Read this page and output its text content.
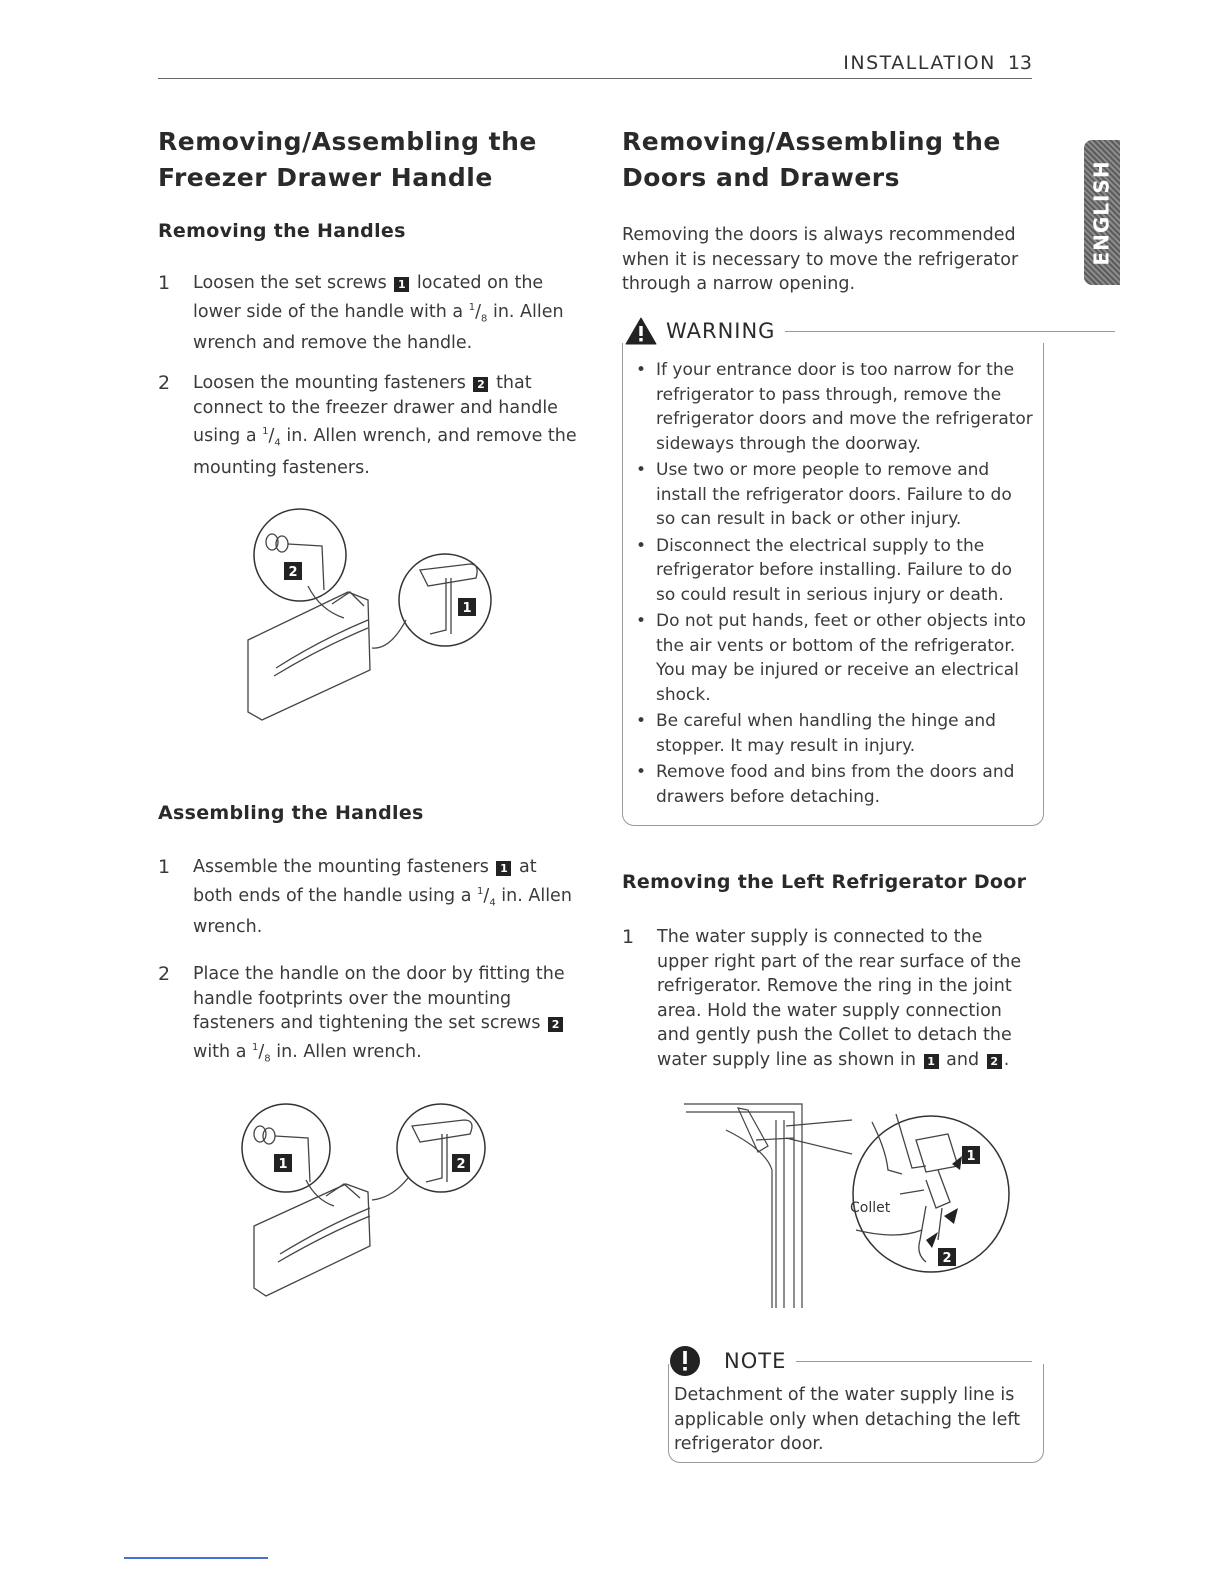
INSTALLATION 13
ENGLISH
Removing/Assembling the
Freezer Drawer Handle
Removing the Handles
1 Loosen the set screws 1 located on the lower side of the handle with a $^1/_8$ in. Allen wrench and remove the handle.
2 Loosen the mounting fasteners 2 that connect to the freezer drawer and handle using a $^1/_4$ in. Allen wrench, and remove the mounting fasteners.
2
1
Assembling the Handles
1 Assemble the mounting fasteners 1 at both ends of the handle using a $^1/_4$ in. Allen wrench.
2 Place the handle on the door by fitting the handle footprints over the mounting fasteners and tightening the set screws 2 with a $^1/_8$ in. Allen wrench.
1	2
Removing/Assembling the
Doors and Drawers
Removing the doors is always recommended when it is necessary to move the refrigerator through a narrow opening.
WARNING
• If your entrance door is too narrow for the refrigerator to pass through, remove the refrigerator doors and move the refrigerator sideways through the doorway.
• Use two or more people to remove and install the refrigerator doors. Failure to do so can result in back or other injury.
• Disconnect the electrical supply to the refrigerator before installing. Failure to do so could result in serious injury or death.
• Do not put hands, feet or other objects into the air vents or bottom of the refrigerator. You may be injured or receive an electrical shock.
• Be careful when handling the hinge and stopper. It may result in injury.
• Remove food and bins from the doors and drawers before detaching.
Removing the Left Refrigerator Door
1 The water supply is connected to the upper right part of the rear surface of the refrigerator. Remove the ring in the joint area. Hold the water supply connection and gently push the Collet to detach the water supply line as shown in 1 and 2 .
Collet
1
2
NOTE
Detachment of the water supply line is applicable only when detaching the left refrigerator door.
